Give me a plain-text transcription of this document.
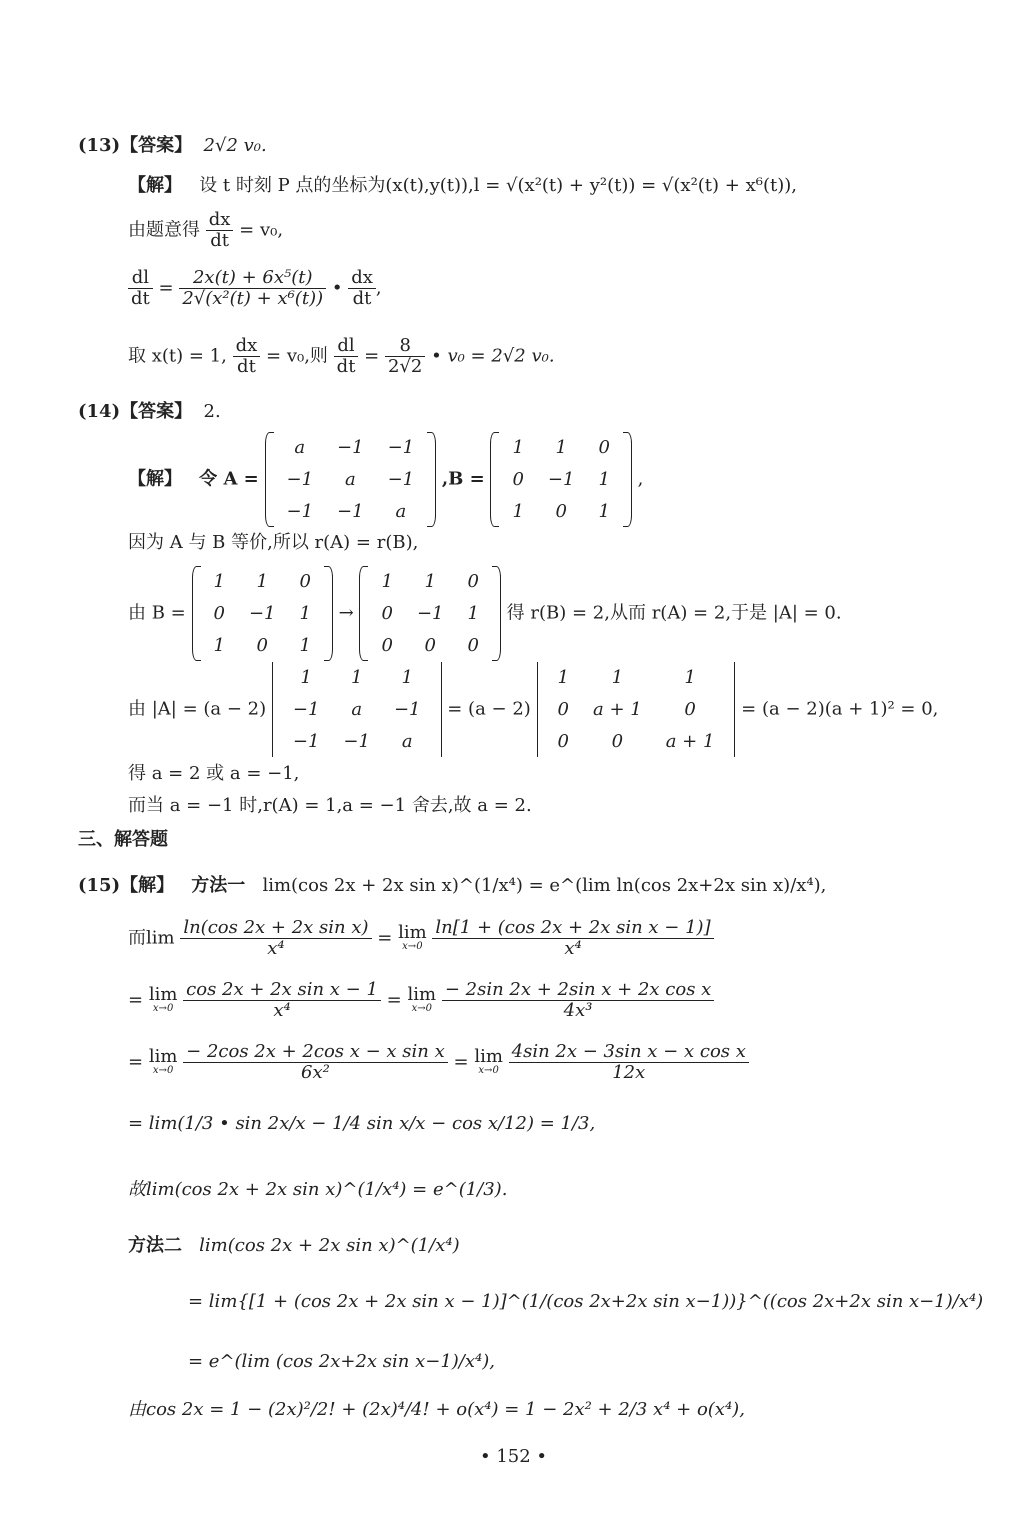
(13)【答案】 2√2 v₀.
【解】 设 t 时刻 P 点的坐标为(x(t),y(t)),l = √(x²(t) + y²(t)) = √(x²(t) + x⁶(t)),
由题意得 $\frac{dx}{dt} = v_0$,
$\frac{dl}{dt} = \frac{\text{2x(t) + 6x⁵(t)}}{\text{2√(x²(t) + x⁶(t))}}$ • $\frac{dx}{dt}$ ,
取 x(t) = 1, $\frac{dx}{dt} = v_0$,则 $\frac{dl}{dt} = \frac{8}{2√2}$ • v₀ = 2√2 v₀.
(14)【答案】 2.
【解】 令 A =
a	−1	−1
−1	a	−1
−1	−1	a
,B =
1	1	0
0	−1	1
1	0	1
,
因为 A 与 B 等价,所以 r(A) = r(B),
由 B =
1	1	0
0	−1	1
1	0	1
→
1	1	0
0	−1	1
0	0	0
得 r(B) = 2,从而 r(A) = 2,于是 |A| = 0.
由 |A| = (a − 2)
1	1	1
−1	a	−1
−1	−1	a
= (a − 2)
1	1	1
0	a + 1	0
0	0	a + 1
= (a − 2)(a + 1)² = 0,
得 a = 2 或 a = −1,
而当 a = −1 时,r(A) = 1,a = −1 舍去,故 a = 2.
三、解答题
(15)【解】 方法一 lim(cos 2x + 2x sin x)^(1/x⁴) = e^(lim ln(cos 2x+2x sin x)/x⁴),
而$\lim \frac{\text{ln(cos 2x + 2x sin x)}}{\text{x⁴}} = \lim$
x→0
$\frac{\text{ln[1 + (cos 2x + 2x sin x − 1)]}}{\text{x⁴}}$
= lim
x→0
$\frac{\text{cos 2x + 2x sin x − 1}}{\text{x⁴}} = \lim$
x→0
$\frac{\text{− 2sin 2x + 2sin x + 2x cos x}}{\text{4x³}}$
= lim
x→0
$\frac{\text{− 2cos 2x + 2cos x − x sin x}}{\text{6x²}} = \lim$
x→0
$\frac{\text{4sin 2x − 3sin x − x cos x}}{12x}$
= lim(1/3 • sin 2x/x − 1/4 sin x/x − cos x/12) = 1/3,
故lim(cos 2x + 2x sin x)^(1/x⁴) = e^(1/3).
方法二 lim(cos 2x + 2x sin x)^(1/x⁴)
= lim{[1 + (cos 2x + 2x sin x − 1)]^(1/(cos 2x+2x sin x−1))}^((cos 2x+2x sin x−1)/x⁴)
= e^(lim (cos 2x+2x sin x−1)/x⁴),
由cos 2x = 1 − (2x)²/2! + (2x)⁴/4! + o(x⁴) = 1 − 2x² + 2/3 x⁴ + o(x⁴),
• 152 •
